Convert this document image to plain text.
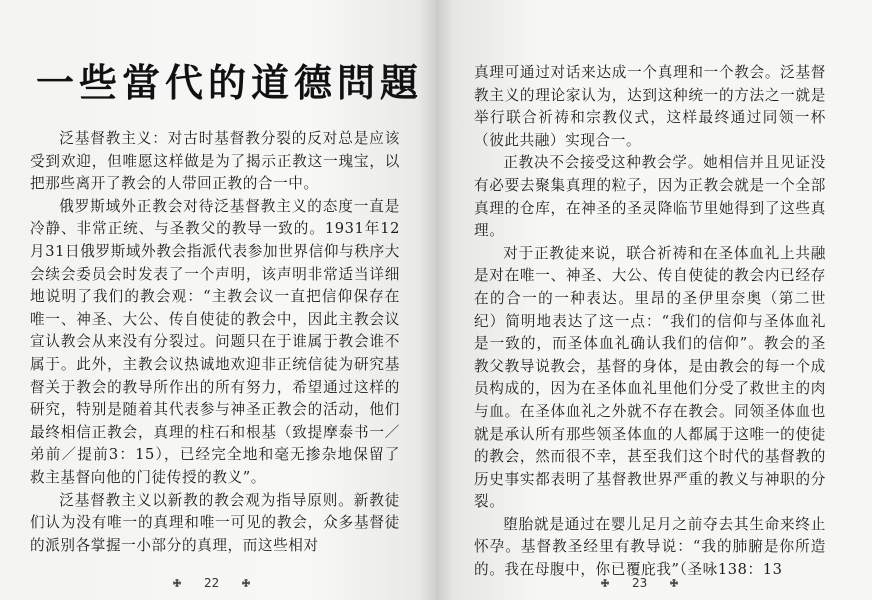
一些當代的道德問題

泛基督教主义：对古时基督教分裂的反对总是应该受到欢迎，但唯愿这样做是为了揭示正教这一瑰宝，以把那些离开了教会的人带回正教的合一中。

俄罗斯域外正教会对待泛基督教主义的态度一直是冷静、非常正统、与圣教父的教导一致的。1931年12月31日俄罗斯域外教会指派代表参加世界信仰与秩序大会续会委员会时发表了一个声明，该声明非常适当详细地说明了我们的教会观：“主教会议一直把信仰保存在唯一、神圣、大公、传自使徒的教会中，因此主教会议宣认教会从来没有分裂过。问题只在于谁属于教会谁不属于。此外，主教会议热诚地欢迎非正统信徒为研究基督关于教会的教导所作出的所有努力，希望通过这样的研究，特别是随着其代表参与神圣正教会的活动，他们最终相信正教会，真理的柱石和根基（致提摩泰书一／弟前／提前3：15），已经完全地和毫无掺杂地保留了救主基督向他的门徒传授的教义”。

泛基督教主义以新教的教会观为指导原则。新教徒们认为没有唯一的真理和唯一可见的教会，众多基督徒的派别各掌握一小部分的真理，而这些相对

22	23

真理可通过对话来达成一个真理和一个教会。泛基督教主义的理论家认为，达到这种统一的方法之一就是举行联合祈祷和宗教仪式，这样最终通过同领一杯（彼此共融）实现合一。

正教决不会接受这种教会学。她相信并且见证没有必要去聚集真理的粒子，因为正教会就是一个全部真理的仓库，在神圣的圣灵降临节里她得到了这些真理。

对于正教徒来说，联合祈祷和在圣体血礼上共融是对在唯一、神圣、大公、传自使徒的教会内已经存在的合一的一种表达。里昂的圣伊里奈奥（第二世纪）简明地表达了这一点：“我们的信仰与圣体血礼是一致的，而圣体血礼确认我们的信仰”。教会的圣教父教导说教会，基督的身体，是由教会的每一个成员构成的，因为在圣体血礼里他们分受了救世主的肉与血。在圣体血礼之外就不存在教会。同领圣体血也就是承认所有那些领圣体血的人都属于这唯一的使徒的教会，然而很不幸，甚至我们这个时代的基督教的历史事实都表明了基督教世界严重的教义与神职的分裂。

堕胎就是通过在婴儿足月之前夺去其生命来终止怀孕。基督教圣经里有教导说：“我的肺腑是你所造的。我在母腹中，你已覆庇我”（圣咏138：13
